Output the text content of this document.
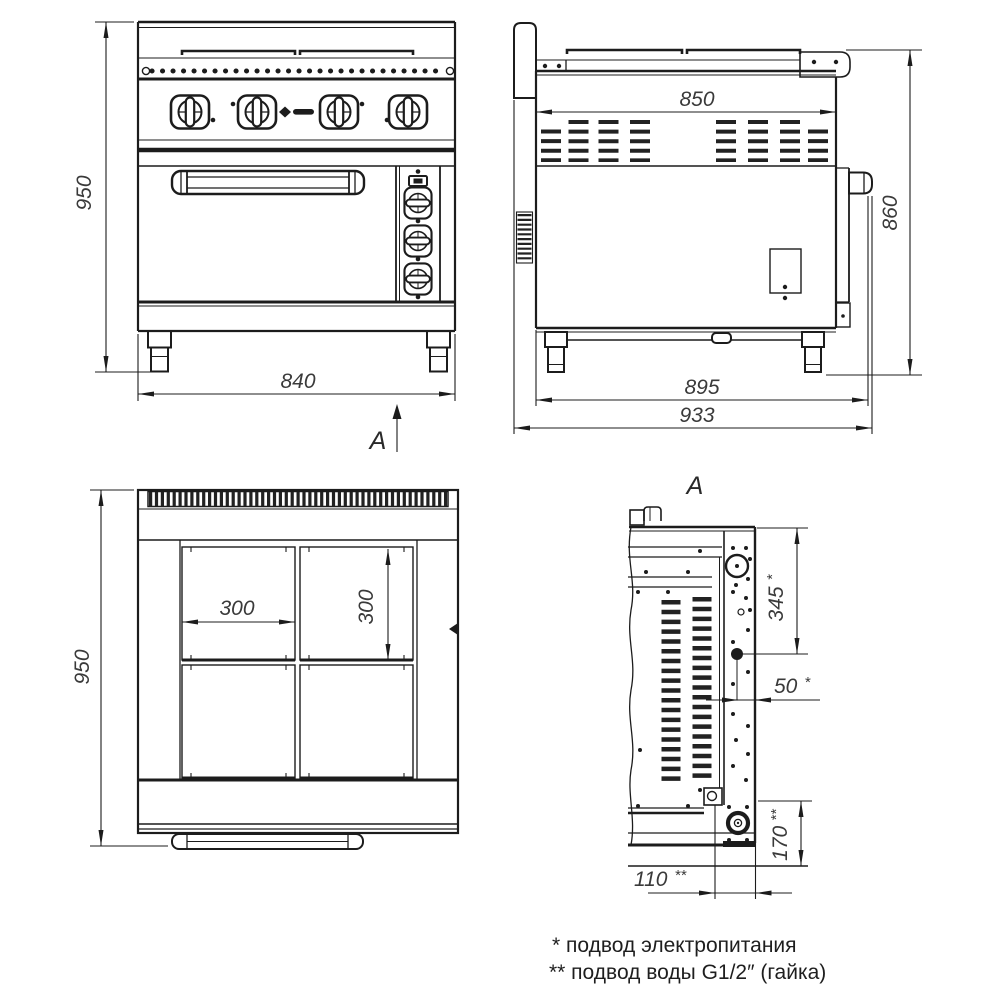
950
840
A
850
860
895
933
950
300	300
A
345*
50 *
170**
110 **
* подвод электропитания
** подвод воды G1/2″ (гайка)
